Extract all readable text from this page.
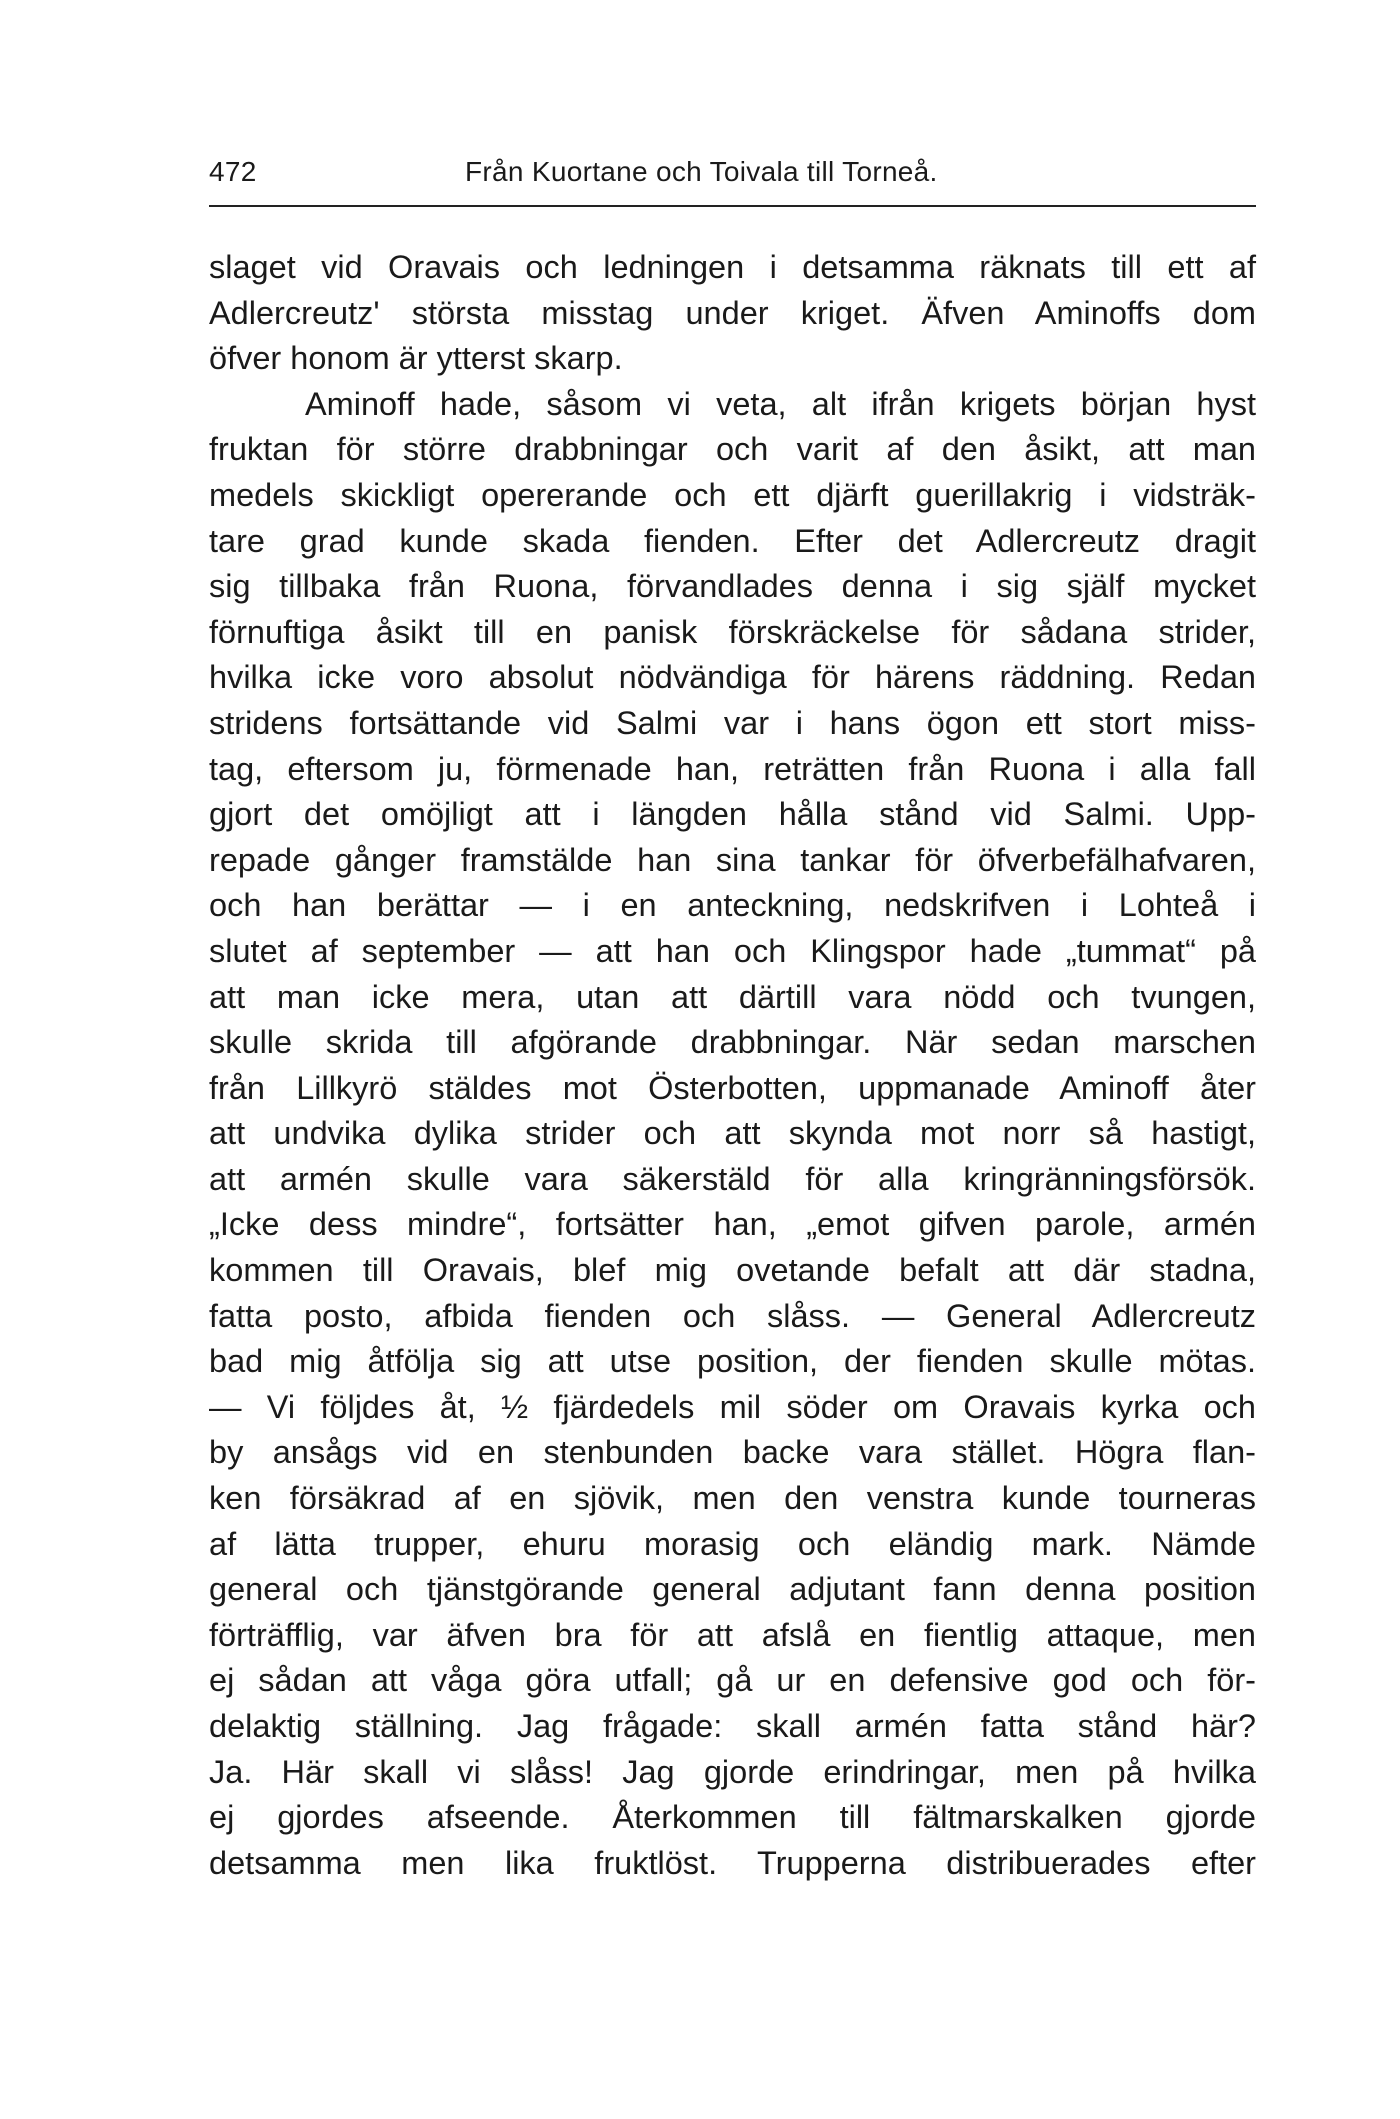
472	Från Kuortane och Toivala till Torneå.
slaget vid Oravais och ledningen i detsamma räknats till ett af
Adlercreutz' största misstag under kriget. Äfven Aminoffs dom
öfver honom är ytterst skarp.
Aminoff hade, såsom vi veta, alt ifrån krigets början hyst
fruktan för större drabbningar och varit af den åsikt, att man
medels skickligt opererande och ett djärft guerillakrig i vidsträk-
tare grad kunde skada fienden. Efter det Adlercreutz dragit
sig tillbaka från Ruona, förvandlades denna i sig själf mycket
förnuftiga åsikt till en panisk förskräckelse för sådana strider,
hvilka icke voro absolut nödvändiga för härens räddning. Redan
stridens fortsättande vid Salmi var i hans ögon ett stort miss-
tag, eftersom ju, förmenade han, reträtten från Ruona i alla fall
gjort det omöjligt att i längden hålla stånd vid Salmi. Upp-
repade gånger framstälde han sina tankar för öfverbefälhafvaren,
och han berättar — i en anteckning, nedskrifven i Lohteå i
slutet af september — att han och Klingspor hade „tummat“ på
att man icke mera, utan att därtill vara nödd och tvungen,
skulle skrida till afgörande drabbningar. När sedan marschen
från Lillkyrö stäldes mot Österbotten, uppmanade Aminoff åter
att undvika dylika strider och att skynda mot norr så hastigt,
att armén skulle vara säkerstäld för alla kringränningsförsök.
„Icke dess mindre“, fortsätter han, „emot gifven parole, armén
kommen till Oravais, blef mig ovetande befalt att där stadna,
fatta posto, afbida fienden och slåss. — General Adlercreutz
bad mig åtfölja sig att utse position, der fienden skulle mötas.
— Vi följdes åt, ½ fjärdedels mil söder om Oravais kyrka och
by ansågs vid en stenbunden backe vara stället. Högra flan-
ken försäkrad af en sjövik, men den venstra kunde tourneras
af lätta trupper, ehuru morasig och eländig mark. Nämde
general och tjänstgörande general adjutant fann denna position
förträfflig, var äfven bra för att afslå en fientlig attaque, men
ej sådan att våga göra utfall; gå ur en defensive god och för-
delaktig ställning. Jag frågade: skall armén fatta stånd här?
Ja. Här skall vi slåss! Jag gjorde erindringar, men på hvilka
ej gjordes afseende. Återkommen till fältmarskalken gjorde
detsamma men lika fruktlöst. Trupperna distribuerades efter
